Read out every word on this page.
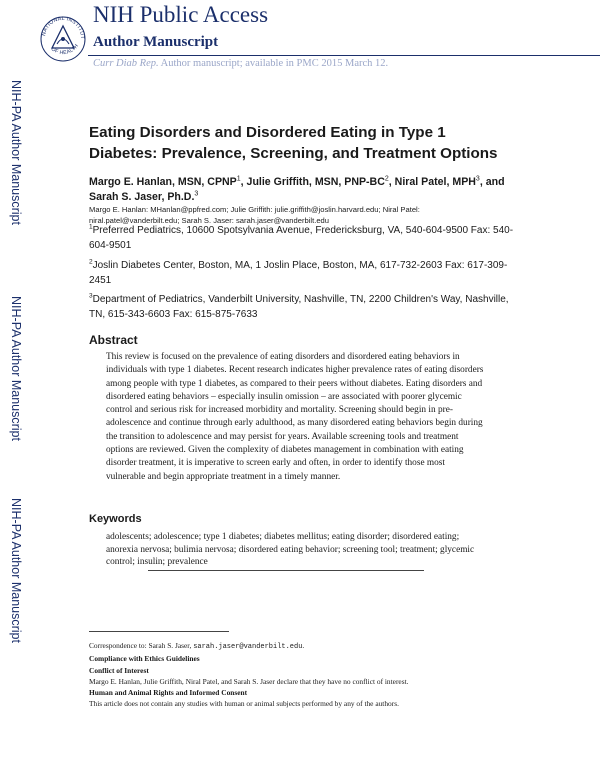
NATIONAL INSTITUT
OF HEALTH
NIH Public Access
Author Manuscript
Curr Diab Rep. Author manuscript; available in PMC 2015 March 12.
NIH-PA Author Manuscript
NIH-PA Author Manuscript
NIH-PA Author Manuscript
Eating Disorders and Disordered Eating in Type 1 Diabetes: Prevalence, Screening, and Treatment Options
Margo E. Hanlan, MSN, CPNP$^1$, Julie Griffith, MSN, PNP-$BC^2$, Niral Patel, MPH$^3$, and Sarah S. Jaser, Ph.D.$^3$
Margo E. Hanlan: MHanlan@ppfred.com; Julie Griffith: julie.griffith@joslin.harvard.edu; Niral Patel: niral.patel@vanderbilt.edu; Sarah S. Jaser: sarah.jaser@vanderbilt.edu
$^1$Preferred Pediatrics, 10600 Spotsylvania Avenue, Fredericksburg, VA, 540-604-9500 Fax: 540-604-9501
$^2$Joslin Diabetes Center, Boston, MA, 1 Joslin Place, Boston, MA, 617-732-2603 Fax: 617-309-2451
$^3$Department of Pediatrics, Vanderbilt University, Nashville, TN, 2200 Children's Way, Nashville, TN, 615-343-6603 Fax: 615-875-7633
Abstract
This review is focused on the prevalence of eating disorders and disordered eating behaviors in individuals with type 1 diabetes. Recent research indicates higher prevalence rates of eating disorders among people with type 1 diabetes, as compared to their peers without diabetes. Eating disorders and disordered eating behaviors – especially insulin omission – are associated with poorer glycemic control and serious risk for increased morbidity and mortality. Screening should begin in pre-adolescence and continue through early adulthood, as many disordered eating behaviors begin during the transition to adolescence and may persist for years. Available screening tools and treatment options are reviewed. Given the complexity of diabetes management in combination with eating disorder treatment, it is imperative to screen early and often, in order to identify those most vulnerable and begin appropriate treatment in a timely manner.
Keywords
adolescents; adolescence; type 1 diabetes; diabetes mellitus; eating disorder; disordered eating; anorexia nervosa; bulimia nervosa; disordered eating behavior; screening tool; treatment; glycemic control; insulin; prevalence
Correspondence to: Sarah S. Jaser, sarah.jaser@vanderbilt.edu.
Compliance with Ethics Guidelines
Conflict of Interest
Margo E. Hanlan, Julie Griffith, Niral Patel, and Sarah S. Jaser declare that they have no conflict of interest.
Human and Animal Rights and Informed Consent
This article does not contain any studies with human or animal subjects performed by any of the authors.
